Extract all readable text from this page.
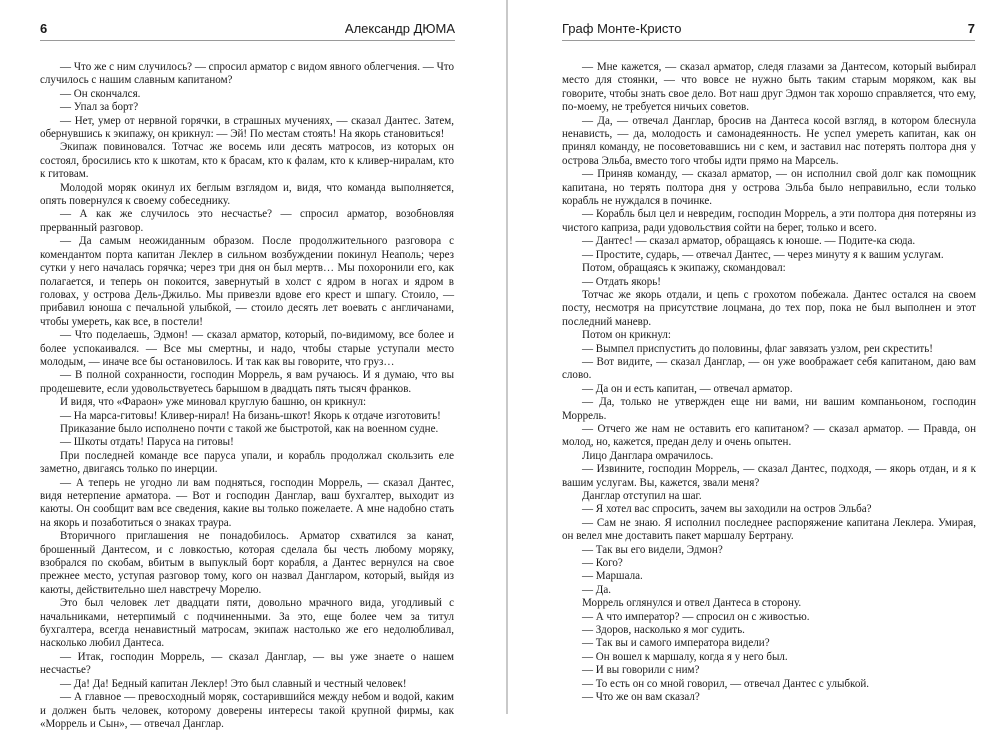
6	Александр ДЮМА

— Что же с ним случилось? — спросил арматор с видом явного облегчения. — Что случилось с нашим славным капитаном?

— Он скончался.

— Упал за борт?

— Нет, умер от нервной горячки, в страшных мучениях, — сказал Дантес. Затем, обернувшись к экипажу, он крикнул: — Эй! По местам стоять! На якорь становиться!

Экипаж повиновался. Тотчас же восемь или десять матросов, из которых он состоял, бросились кто к шкотам, кто к брасам, кто к фалам, кто к кливер-ниралам, кто к гитовам.

Молодой моряк окинул их беглым взглядом и, видя, что команда выполняется, опять повернулся к своему собеседнику.

— А как же случилось это несчастье? — спросил арматор, возобновляя прерванный разговор.

— Да самым неожиданным образом. После продолжительного разговора с комендантом порта капитан Леклер в сильном возбуждении покинул Неаполь; через сутки у него началась горячка; через три дня он был мертв… Мы похоронили его, как полагается, и теперь он покоится, завернутый в холст с ядром в ногах и ядром в головах, у острова Дель-Джильо. Мы привезли вдове его крест и шпагу. Стоило, — прибавил юноша с печальной улыбкой, — стоило десять лет воевать с англичанами, чтобы умереть, как все, в постели!

— Что поделаешь, Эдмон! — сказал арматор, который, по-видимому, все более и более успокаивался. — Все мы смертны, и надо, чтобы старые уступали место молодым, — иначе все бы остановилось. И так как вы говорите, что груз…

— В полной сохранности, господин Моррель, я вам ручаюсь. И я думаю, что вы продешевите, если удовольствуетесь барышом в двадцать пять тысяч франков.

И видя, что «Фараон» уже миновал круглую башню, он крикнул:

— На марса-гитовы! Кливер-нирал! На бизань-шкот! Якорь к отдаче изготовить!

Приказание было исполнено почти с такой же быстротой, как на военном судне.

— Шкоты отдать! Паруса на гитовы!

При последней команде все паруса упали, и корабль продолжал скользить еле заметно, двигаясь только по инерции.

— А теперь не угодно ли вам подняться, господин Моррель, — сказал Дантес, видя нетерпение арматора. — Вот и господин Данглар, ваш бухгалтер, выходит из каюты. Он сообщит вам все сведения, какие вы только пожелаете. А мне надобно стать на якорь и позаботиться о знаках траура.

Вторичного приглашения не понадобилось. Арматор схватился за канат, брошенный Дантесом, и с ловкостью, которая сделала бы честь любому моряку, взобрался по скобам, вбитым в выпуклый борт корабля, а Дантес вернулся на свое прежнее место, уступая разговор тому, кого он назвал Дангларом, который, выйдя из каюты, действительно шел навстречу Морелю.

Это был человек лет двадцати пяти, довольно мрачного вида, угодливый с начальниками, нетерпимый с подчиненными. За это, еще более чем за титул бухгалтера, всегда ненавистный матросам, экипаж настолько же его недолюбливал, насколько любил Дантеса.

— Итак, господин Моррель, — сказал Данглар, — вы уже знаете о нашем несчастье?

— Да! Да! Бедный капитан Леклер! Это был славный и честный человек!

— А главное — превосходный моряк, состарившийся между небом и водой, каким и должен быть человек, которому доверены интересы такой крупной фирмы, как «Моррель и Сын», — отвечал Данглар.

Граф Монте-Кристо	7

— Мне кажется, — сказал арматор, следя глазами за Дантесом, который выбирал место для стоянки, — что вовсе не нужно быть таким старым моряком, как вы говорите, чтобы знать свое дело. Вот наш друг Эдмон так хорошо справляется, что ему, по-моему, не требуется ничьих советов.

— Да, — отвечал Данглар, бросив на Дантеса косой взгляд, в котором блеснула ненависть, — да, молодость и самонадеянность. Не успел умереть капитан, как он принял команду, не посоветовавшись ни с кем, и заставил нас потерять полтора дня у острова Эльба, вместо того чтобы идти прямо на Марсель.

— Приняв команду, — сказал арматор, — он исполнил свой долг как помощник капитана, но терять полтора дня у острова Эльба было неправильно, если только корабль не нуждался в починке.

— Корабль был цел и невредим, господин Моррель, а эти полтора дня потеряны из чистого каприза, ради удовольствия сойти на берег, только и всего.

— Дантес! — сказал арматор, обращаясь к юноше. — Подите-ка сюда.

— Простите, сударь, — отвечал Дантес, — через минуту я к вашим услугам.

Потом, обращаясь к экипажу, скомандовал:

— Отдать якорь!

Тотчас же якорь отдали, и цепь с грохотом побежала. Дантес остался на своем посту, несмотря на присутствие лоцмана, до тех пор, пока не был выполнен и этот последний маневр.

Потом он крикнул:

— Вымпел приспустить до половины, флаг завязать узлом, реи скрестить!

— Вот видите, — сказал Данглар, — он уже воображает себя капитаном, даю вам слово.

— Да он и есть капитан, — отвечал арматор.

— Да, только не утвержден еще ни вами, ни вашим компаньоном, господин Моррель.

— Отчего же нам не оставить его капитаном? — сказал арматор. — Правда, он молод, но, кажется, предан делу и очень опытен.

Лицо Данглара омрачилось.

— Извините, господин Моррель, — сказал Дантес, подходя, — якорь отдан, и я к вашим услугам. Вы, кажется, звали меня?

Данглар отступил на шаг.

— Я хотел вас спросить, зачем вы заходили на остров Эльба?

— Сам не знаю. Я исполнил последнее распоряжение капитана Леклера. Умирая, он велел мне доставить пакет маршалу Бертрану.

— Так вы его видели, Эдмон?

— Кого?

— Маршала.

— Да.

Моррель оглянулся и отвел Дантеса в сторону.

— А что император? — спросил он с живостью.

— Здоров, насколько я мог судить.

— Так вы и самого императора видели?

— Он вошел к маршалу, когда я у него был.

— И вы говорили с ним?

— То есть он со мной говорил, — отвечал Дантес с улыбкой.

— Что же он вам сказал?
